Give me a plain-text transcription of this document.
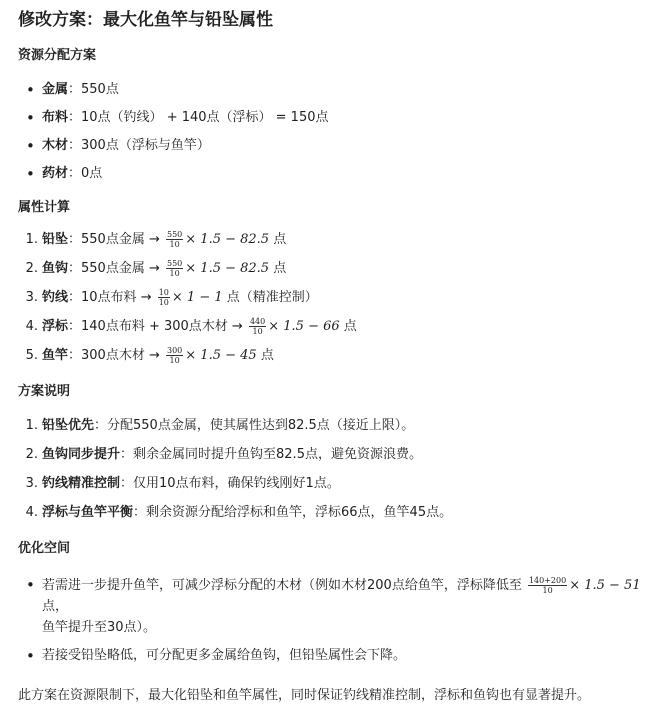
修改方案：最大化鱼竿与铅坠属性
资源分配方案
• 金属：550点
• 布料：10点（钓线） + 140点（浮标） = 150点
• 木材：300点（浮标与鱼竿）
• 药材：0点
属性计算
1. 铅坠：550点金属 → $\frac{550}{10} \times 1.5 - 82.5$ 点
2. 鱼钩：550点金属 → $\frac{550}{10} \times 1.5 - 82.5$ 点
3. 钓线：10点布料 → $\frac{10}{10} \times 1 - 1$ 点（精准控制）
4. 浮标：140点布料 + 300点木材 → $\frac{440}{10} \times 1.5 - 66$ 点
5. 鱼竿：300点木材 → $\frac{300}{10} \times 1.5 - 45$ 点
方案说明
1. 铅坠优先：分配550点金属，使其属性达到82.5点（接近上限）。
2. 鱼钩同步提升：剩余金属同时提升鱼钩至82.5点，避免资源浪费。
3. 钓线精准控制：仅用10点布料，确保钓线刚好1点。
4. 浮标与鱼竿平衡：剩余资源分配给浮标和鱼竿，浮标66点，鱼竿45点。
优化空间
• 若需进一步提升鱼竿，可减少浮标分配的木材（例如木材200点给鱼竿，浮标降低至 $\frac{140+200}{10} \times 1.5 - 51$ 点，
鱼竿提升至30点）。
• 若接受铅坠略低，可分配更多金属给鱼钩，但铅坠属性会下降。

此方案在资源限制下，最大化铅坠和鱼竿属性，同时保证钓线精准控制，浮标和鱼钩也有显著提升。
